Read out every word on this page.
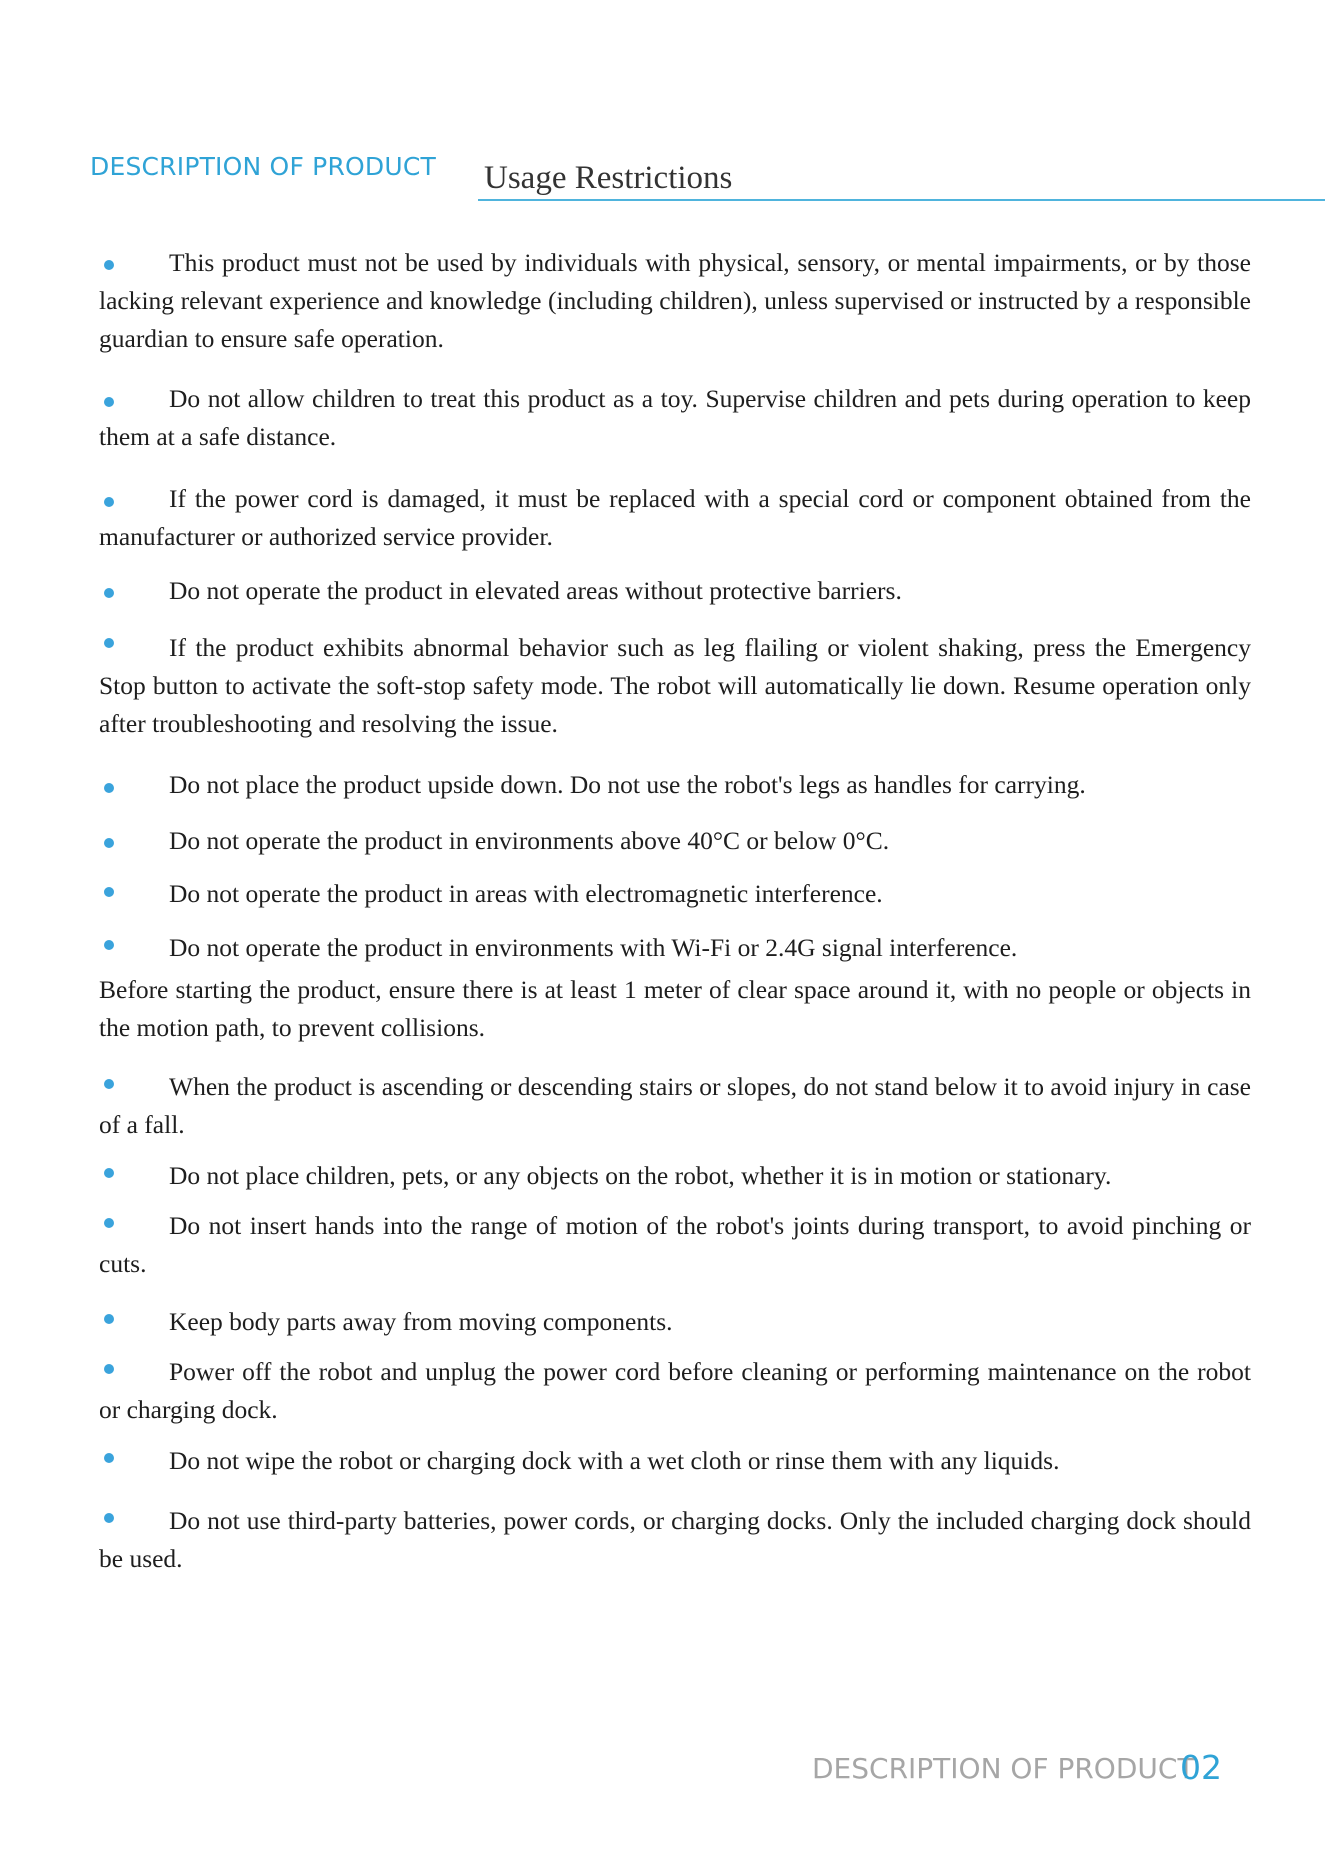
DESCRIPTION OF PRODUCT Usage Restrictions

This product must not be used by individuals with physical, sensory, or mental impairments, or by those lacking relevant experience and knowledge (including children), unless supervised or instructed by a responsible guardian to ensure safe operation.

Do not allow children to treat this product as a toy. Supervise children and pets during operation to keep them at a safe distance.

If the power cord is damaged, it must be replaced with a special cord or component obtained from the manufacturer or authorized service provider.

Do not operate the product in elevated areas without protective barriers.

If the product exhibits abnormal behavior such as leg flailing or violent shaking, press the Emergency Stop button to activate the soft-stop safety mode. The robot will automatically lie down. Resume operation only after troubleshooting and resolving the issue.

Do not place the product upside down. Do not use the robot's legs as handles for carrying.

Do not operate the product in environments above 40°C or below 0°C.

Do not operate the product in areas with electromagnetic interference.

Do not operate the product in environments with Wi-Fi or 2.4G signal interference.

Before starting the product, ensure there is at least 1 meter of clear space around it, with no people or objects in the motion path, to prevent collisions.

When the product is ascending or descending stairs or slopes, do not stand below it to avoid injury in case of a fall.

Do not place children, pets, or any objects on the robot, whether it is in motion or stationary.

Do not insert hands into the range of motion of the robot's joints during transport, to avoid pinching or cuts.

Keep body parts away from moving components.

Power off the robot and unplug the power cord before cleaning or performing maintenance on the robot or charging dock.

Do not wipe the robot or charging dock with a wet cloth or rinse them with any liquids.

Do not use third-party batteries, power cords, or charging docks. Only the included charging dock should be used.

DESCRIPTION OF PRODUCT
02
